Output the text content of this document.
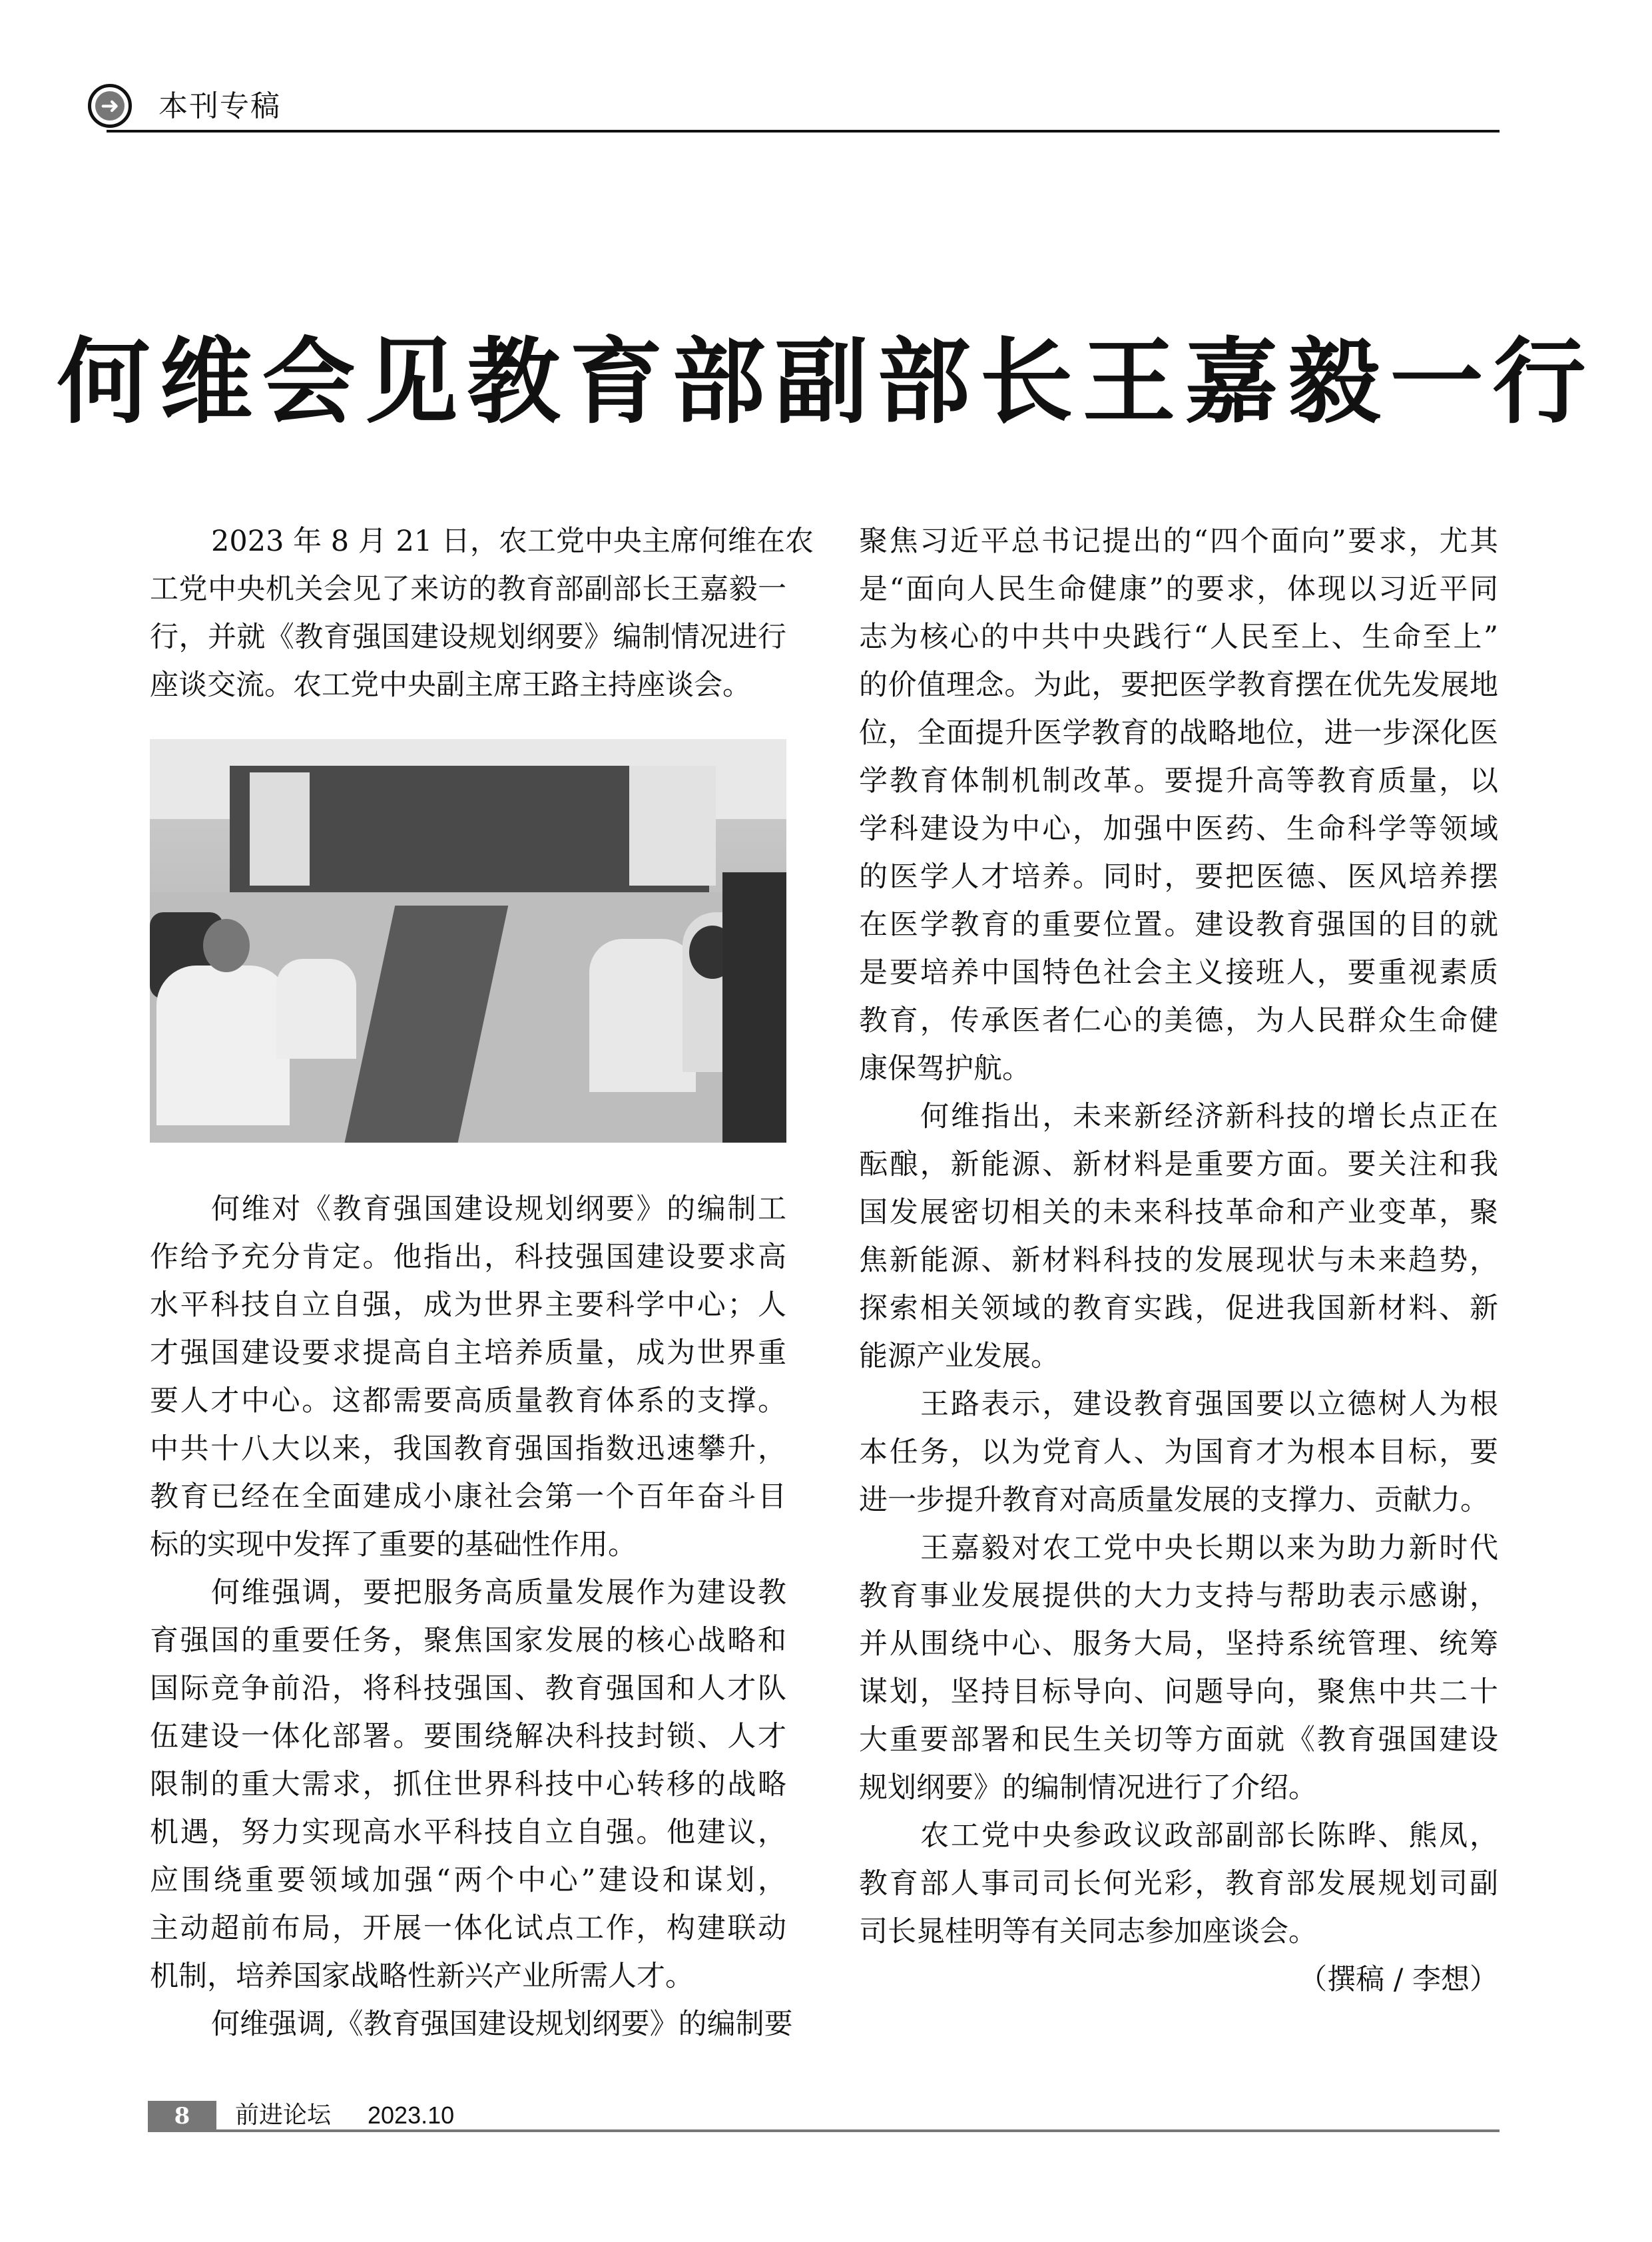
➜ 本刊专稿
何维会见教育部副部长王嘉毅一行
2023 年 8 月 21 日，农工党中央主席何维在农
工党中央机关会见了来访的教育部副部长王嘉毅一
行，并就《教育强国建设规划纲要》编制情况进行
座谈交流。农工党中央副主席王路主持座谈会。
何维对《教育强国建设规划纲要》的编制工
作给予充分肯定。他指出，科技强国建设要求高
水平科技自立自强，成为世界主要科学中心；人
才强国建设要求提高自主培养质量，成为世界重
要人才中心。这都需要高质量教育体系的支撑。
中共十八大以来，我国教育强国指数迅速攀升，
教育已经在全面建成小康社会第一个百年奋斗目
标的实现中发挥了重要的基础性作用。
何维强调，要把服务高质量发展作为建设教
育强国的重要任务，聚焦国家发展的核心战略和
国际竞争前沿，将科技强国、教育强国和人才队
伍建设一体化部署。要围绕解决科技封锁、人才
限制的重大需求，抓住世界科技中心转移的战略
机遇，努力实现高水平科技自立自强。他建议，
应围绕重要领域加强“两个中心”建设和谋划，
主动超前布局，开展一体化试点工作，构建联动
机制，培养国家战略性新兴产业所需人才。
何维强调,《教育强国建设规划纲要》的编制要
聚焦习近平总书记提出的“四个面向”要求，尤其
是“面向人民生命健康”的要求，体现以习近平同
志为核心的中共中央践行“人民至上、生命至上”
的价值理念。为此，要把医学教育摆在优先发展地
位，全面提升医学教育的战略地位，进一步深化医
学教育体制机制改革。要提升高等教育质量，以
学科建设为中心，加强中医药、生命科学等领域
的医学人才培养。同时，要把医德、医风培养摆
在医学教育的重要位置。建设教育强国的目的就
是要培养中国特色社会主义接班人，要重视素质
教育，传承医者仁心的美德，为人民群众生命健
康保驾护航。
何维指出，未来新经济新科技的增长点正在
酝酿，新能源、新材料是重要方面。要关注和我
国发展密切相关的未来科技革命和产业变革，聚
焦新能源、新材料科技的发展现状与未来趋势，
探索相关领域的教育实践，促进我国新材料、新
能源产业发展。
王路表示，建设教育强国要以立德树人为根
本任务，以为党育人、为国育才为根本目标，要
进一步提升教育对高质量发展的支撑力、贡献力。
王嘉毅对农工党中央长期以来为助力新时代
教育事业发展提供的大力支持与帮助表示感谢，
并从围绕中心、服务大局，坚持系统管理、统筹
谋划，坚持目标导向、问题导向，聚焦中共二十
大重要部署和民生关切等方面就《教育强国建设
规划纲要》的编制情况进行了介绍。
农工党中央参政议政部副部长陈晔、熊凤，
教育部人事司司长何光彩，教育部发展规划司副
司长晁桂明等有关同志参加座谈会。
（撰稿 / 李想）
8	前进论坛 2023.10
